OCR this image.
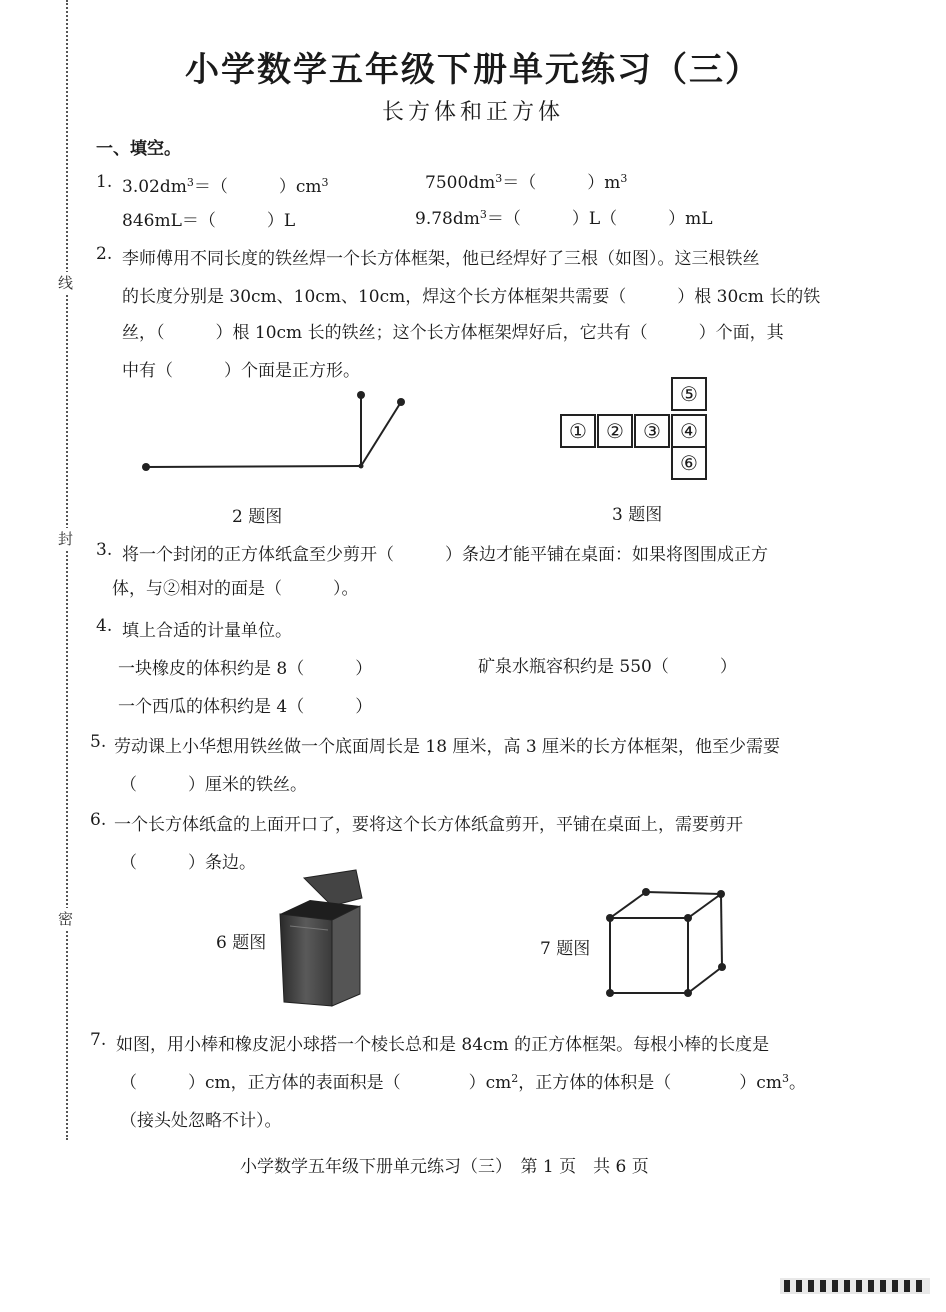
线
封
密
小学数学五年级下册单元练习（三）
长方体和正方体
一、填空。
1. $3.02dm^3=$（　　　）$cm^3$	$7500dm^3=$（　　　）$m^3$
846mL＝（　　　）L	$9.78dm^3=$（　　　）L（　　　）mL
2. 李师傅用不同长度的铁丝焊一个长方体框架，他已经焊好了三根（如图）。这三根铁丝
的长度分别是 30cm、10cm、10cm，焊这个长方体框架共需要（　　　）根 30cm 长的铁
丝，（　　　）根 10cm 长的铁丝；这个长方体框架焊好后，它共有（　　　）个面，其
中有（　　　）个面是正方形。
2 题图
① ② ③ ④
⑤
⑥
3 题图
3. 将一个封闭的正方体纸盒至少剪开（　　　）条边才能平铺在桌面：如果将图围成正方
体，与②相对的面是（　　　）。
4. 填上合适的计量单位。
一块橡皮的体积约是 8（　　　）	矿泉水瓶容积约是 550（　　　）
一个西瓜的体积约是 4（　　　）
5. 劳动课上小华想用铁丝做一个底面周长是 18 厘米，高 3 厘米的长方体框架，他至少需要
（　　　）厘米的铁丝。
6. 一个长方体纸盒的上面开口了，要将这个长方体纸盒剪开，平铺在桌面上，需要剪开
（　　　）条边。
6 题图	7 题图
7. 如图，用小棒和橡皮泥小球搭一个棱长总和是 84cm 的正方体框架。每根小棒的长度是
（　　　）cm，正方体的表面积是（　　　　）$cm^2$，正方体的体积是（　　　　）$cm^3$。
（接头处忽略不计）。
小学数学五年级下册单元练习（三）　第 1 页　共 6 页
